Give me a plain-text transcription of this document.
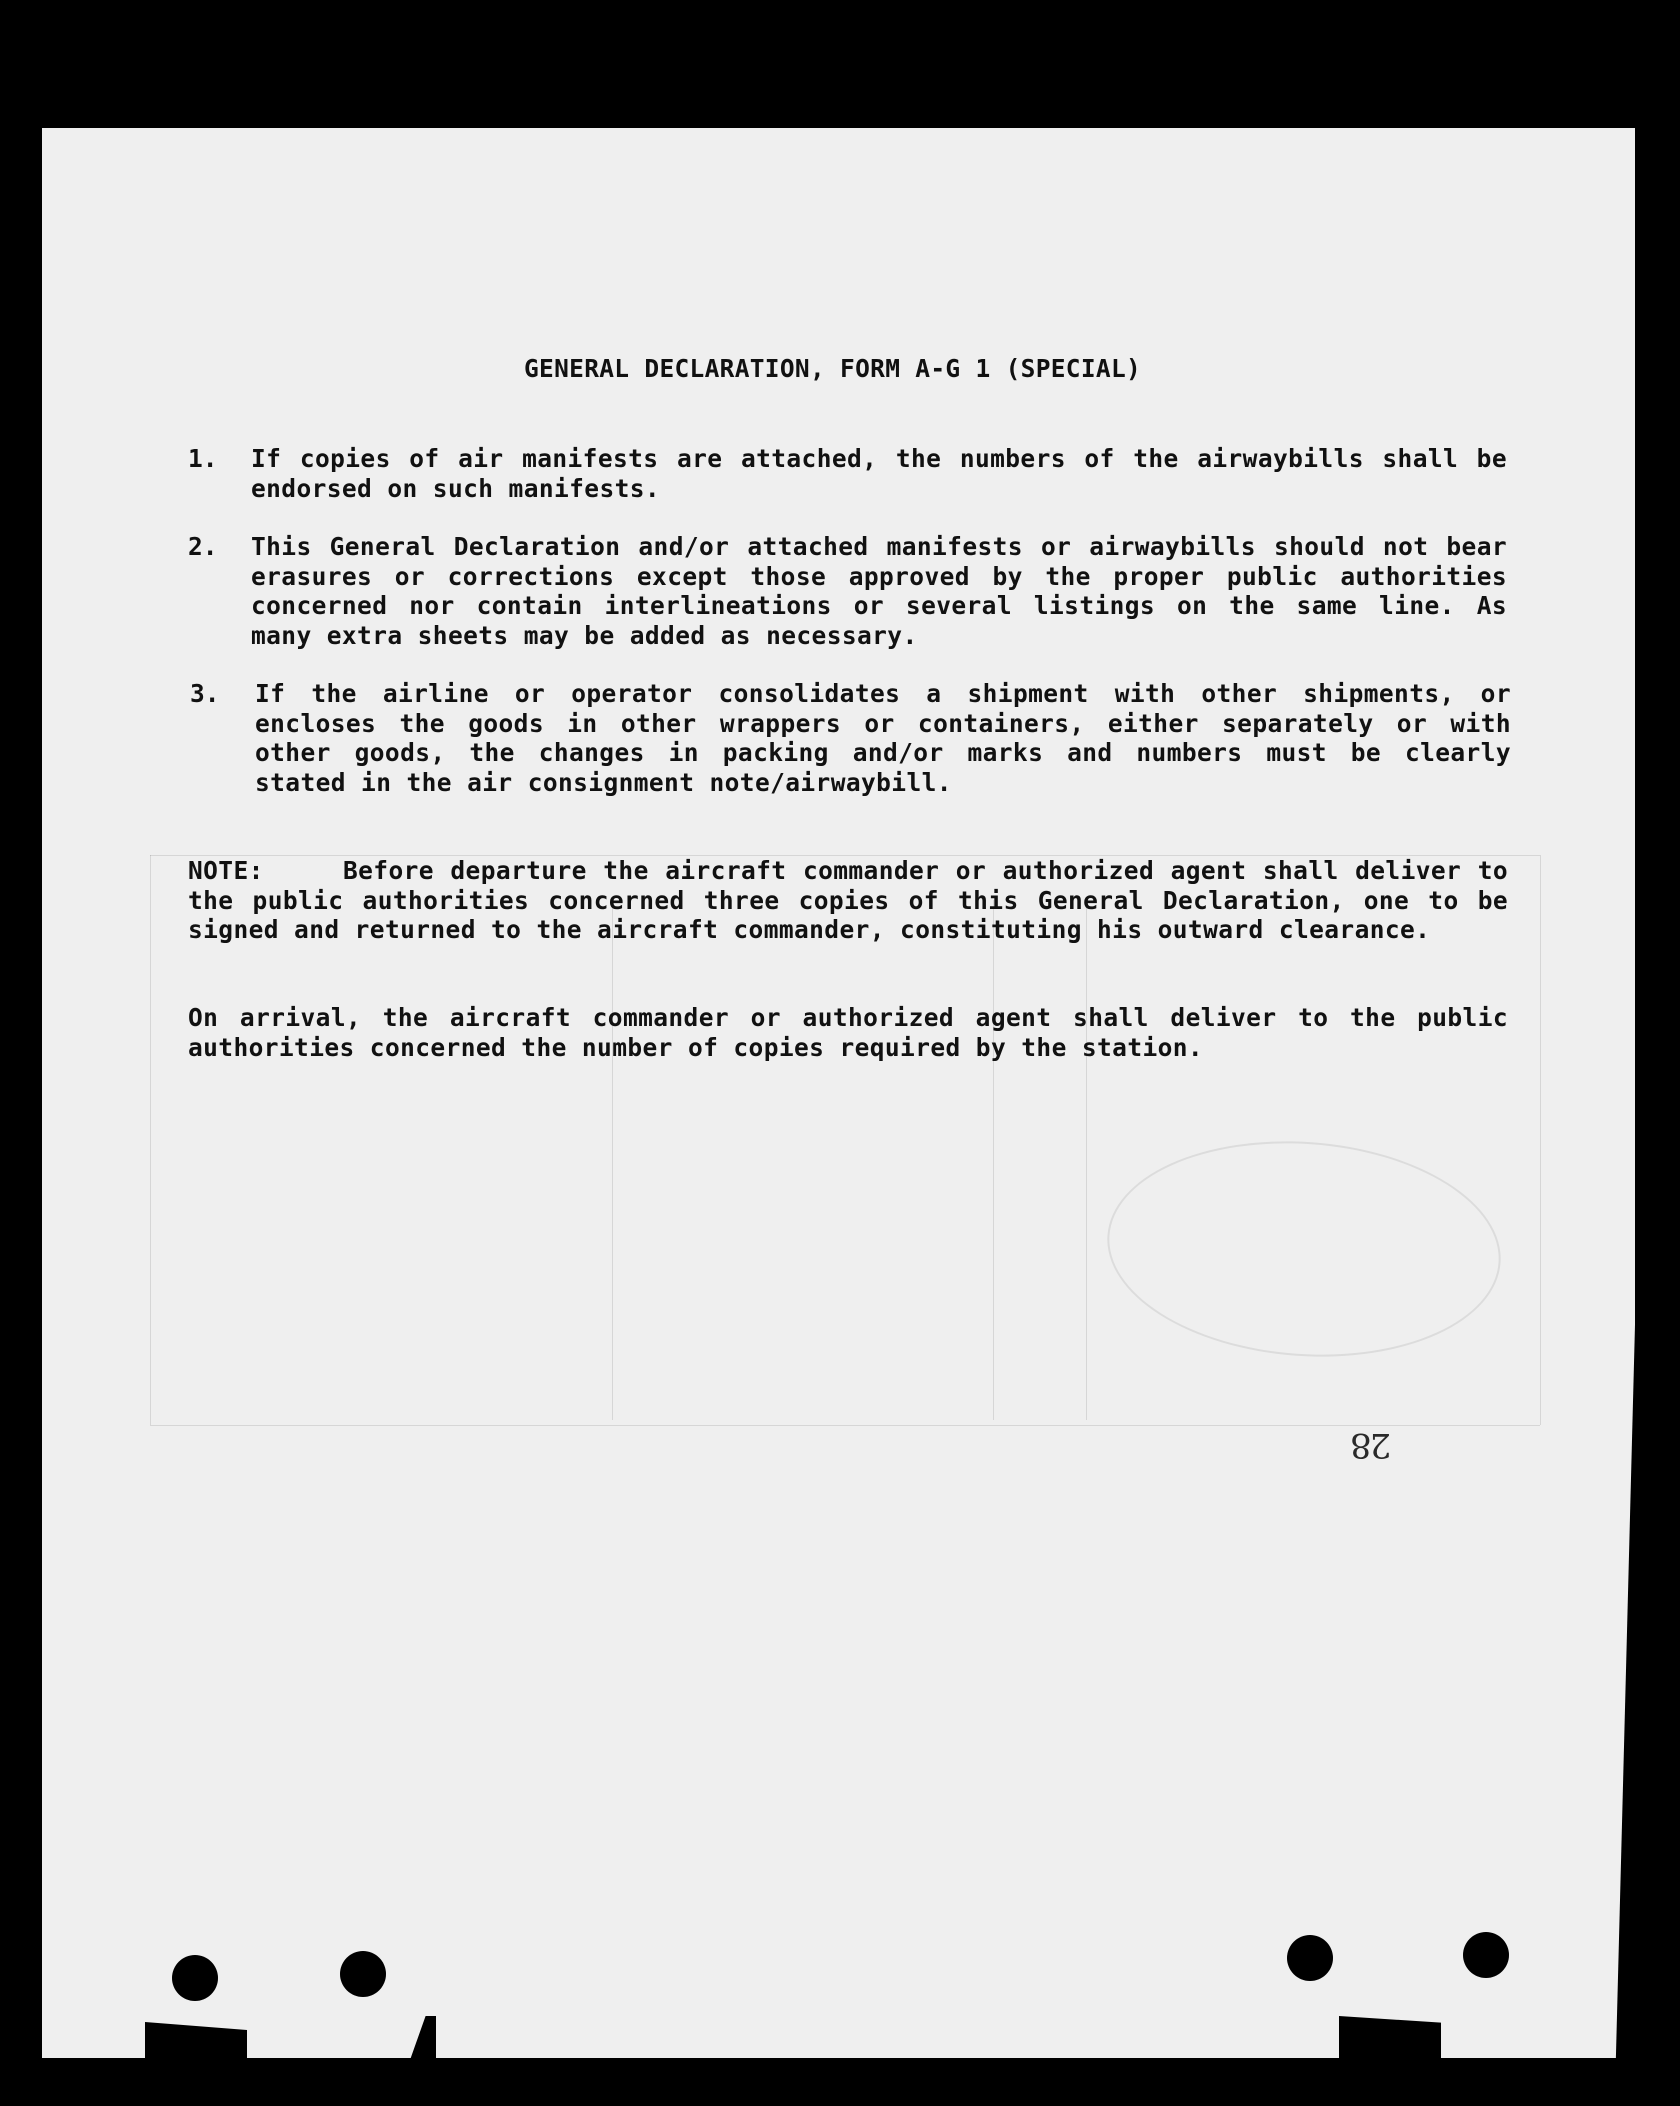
GENERAL DECLARATION, FORM A-G 1 (SPECIAL)
1. If copies of air manifests are attached, the numbers of the airwaybills shall be endorsed on such manifests.
2. This General Declaration and/or attached manifests or airwaybills should not bear erasures or corrections except those approved by the proper public authorities concerned nor contain interlineations or several listings on the same line. As many extra sheets may be added as necessary.
3. If the airline or operator consolidates a shipment with other shipments, or encloses the goods in other wrappers or containers, either separately or with other goods, the changes in packing and/or marks and numbers must be clearly stated in the air consignment note/airwaybill.
NOTE:	Before departure the aircraft commander or authorized agent shall deliver to the public authorities concerned three copies of this General Declaration, one to be signed and returned to the aircraft commander, constituting his outward clearance.
On arrival, the aircraft commander or authorized agent shall deliver to the public authorities concerned the number of copies required by the station.
28
